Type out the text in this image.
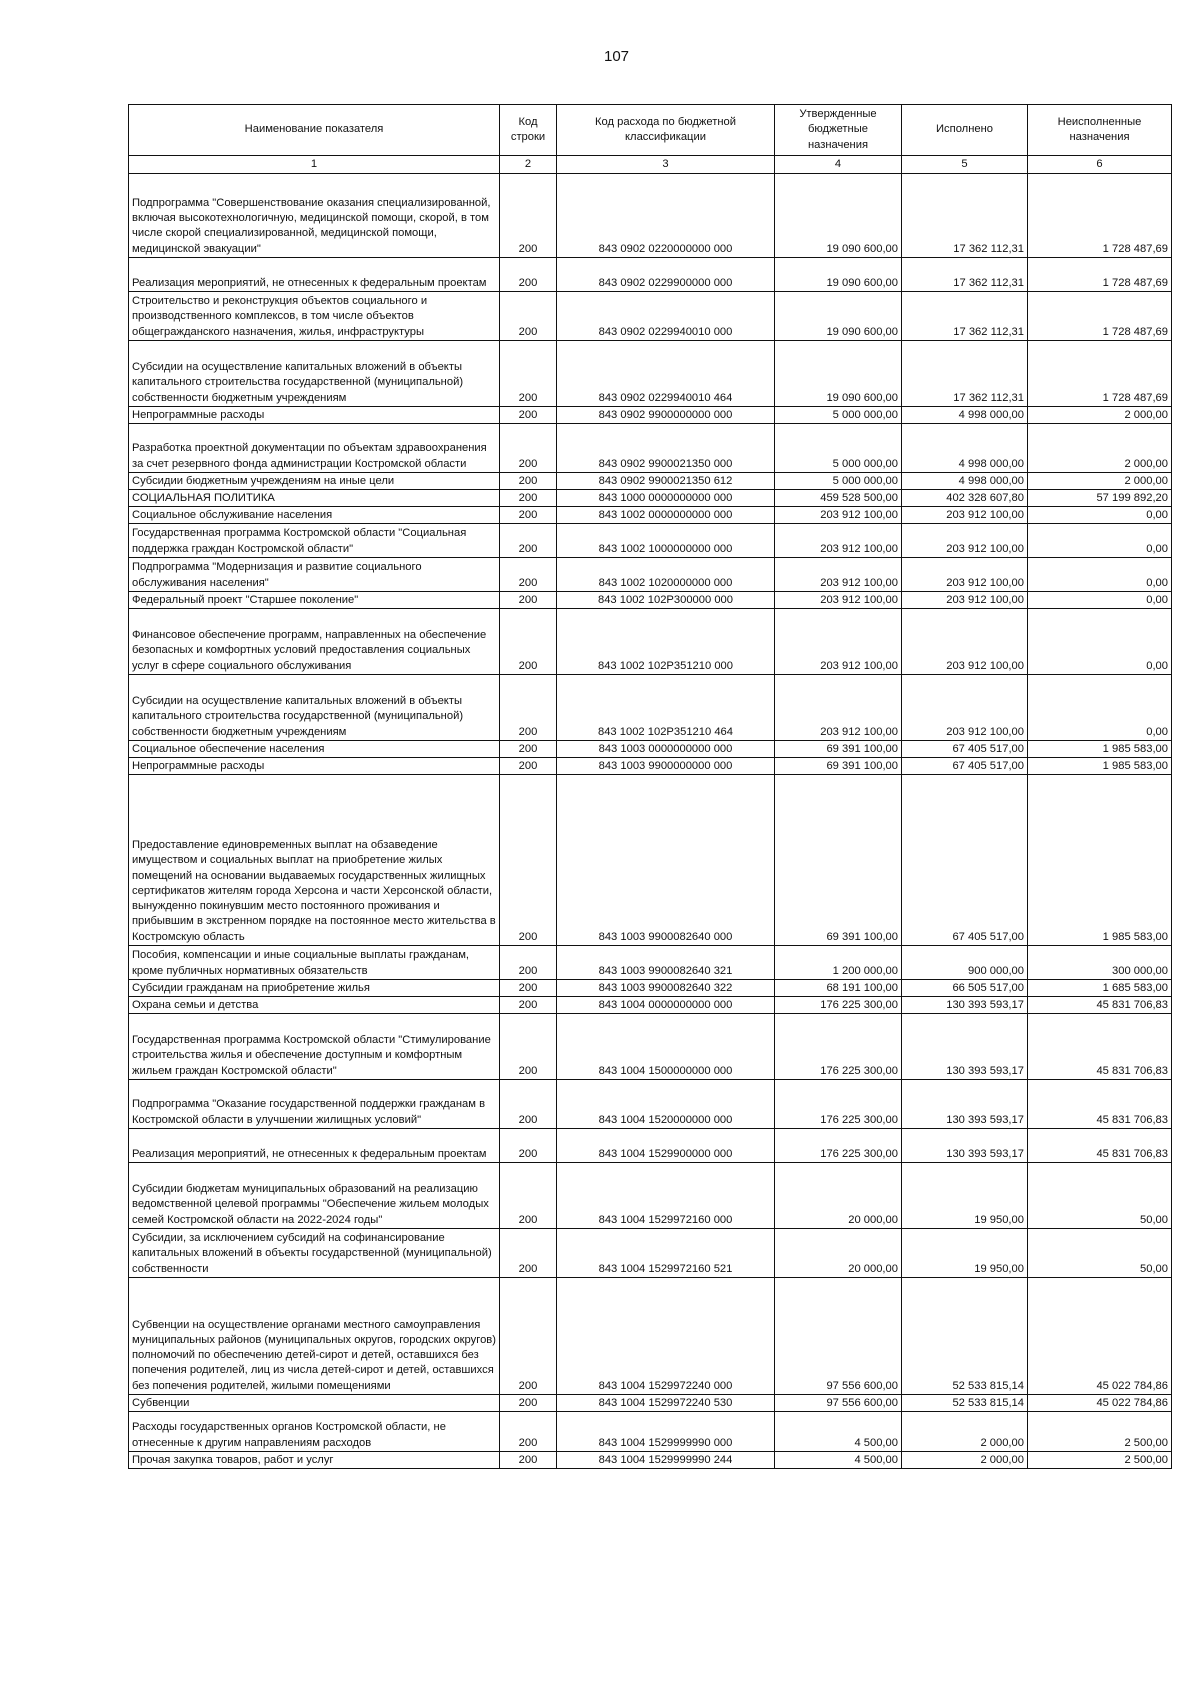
107
Наименование показателя	Код строки	Код расхода по бюджетной классификации	Утвержденные бюджетные назначения	Исполнено	Неисполненные назначения
1	2	3	4	5	6
Подпрограмма "Совершенствование оказания специализированной, включая высокотехнологичную, медицинской помощи, скорой, в том числе скорой специализированной, медицинской помощи, медицинской эвакуации"	200	843 0902 0220000000 000	19 090 600,00	17 362 112,31	1 728 487,69
Реализация мероприятий, не отнесенных к федеральным проектам	200	843 0902 0229900000 000	19 090 600,00	17 362 112,31	1 728 487,69
Строительство и реконструкция объектов социального и производственного комплексов, в том числе объектов общегражданского назначения, жилья, инфраструктуры	200	843 0902 0229940010 000	19 090 600,00	17 362 112,31	1 728 487,69
Субсидии на осуществление капитальных вложений в объекты капитального строительства государственной (муниципальной) собственности бюджетным учреждениям	200	843 0902 0229940010 464	19 090 600,00	17 362 112,31	1 728 487,69
Непрограммные расходы	200	843 0902 9900000000 000	5 000 000,00	4 998 000,00	2 000,00
Разработка проектной документации по объектам здравоохранения за счет резервного фонда администрации Костромской области	200	843 0902 9900021350 000	5 000 000,00	4 998 000,00	2 000,00
Субсидии бюджетным учреждениям на иные цели	200	843 0902 9900021350 612	5 000 000,00	4 998 000,00	2 000,00
СОЦИАЛЬНАЯ ПОЛИТИКА	200	843 1000 0000000000 000	459 528 500,00	402 328 607,80	57 199 892,20
Социальное обслуживание населения	200	843 1002 0000000000 000	203 912 100,00	203 912 100,00	0,00
Государственная программа Костромской области "Социальная поддержка граждан Костромской области"	200	843 1002 1000000000 000	203 912 100,00	203 912 100,00	0,00
Подпрограмма "Модернизация и развитие социального обслуживания населения"	200	843 1002 1020000000 000	203 912 100,00	203 912 100,00	0,00
Федеральный проект "Старшее поколение"	200	843 1002 102Р300000 000	203 912 100,00	203 912 100,00	0,00
Финансовое обеспечение программ, направленных на обеспечение безопасных и комфортных условий предоставления социальных услуг в сфере социального обслуживания	200	843 1002 102Р351210 000	203 912 100,00	203 912 100,00	0,00
Субсидии на осуществление капитальных вложений в объекты капитального строительства государственной (муниципальной) собственности бюджетным учреждениям	200	843 1002 102Р351210 464	203 912 100,00	203 912 100,00	0,00
Социальное обеспечение населения	200	843 1003 0000000000 000	69 391 100,00	67 405 517,00	1 985 583,00
Непрограммные расходы	200	843 1003 9900000000 000	69 391 100,00	67 405 517,00	1 985 583,00
Предоставление единовременных выплат на обзаведение имуществом и социальных выплат на приобретение жилых помещений на основании выдаваемых государственных жилищных сертификатов жителям города Херсона и части Херсонской области, вынужденно покинувшим место постоянного проживания и прибывшим в экстренном порядке на постоянное место жительства в Костромскую область	200	843 1003 9900082640 000	69 391 100,00	67 405 517,00	1 985 583,00
Пособия, компенсации и иные социальные выплаты гражданам, кроме публичных нормативных обязательств	200	843 1003 9900082640 321	1 200 000,00	900 000,00	300 000,00
Субсидии гражданам на приобретение жилья	200	843 1003 9900082640 322	68 191 100,00	66 505 517,00	1 685 583,00
Охрана семьи и детства	200	843 1004 0000000000 000	176 225 300,00	130 393 593,17	45 831 706,83
Государственная программа Костромской области "Стимулирование строительства жилья и обеспечение доступным и комфортным жильем граждан Костромской области"	200	843 1004 1500000000 000	176 225 300,00	130 393 593,17	45 831 706,83
Подпрограмма "Оказание государственной поддержки гражданам в Костромской области в улучшении жилищных условий"	200	843 1004 1520000000 000	176 225 300,00	130 393 593,17	45 831 706,83
Реализация мероприятий, не отнесенных к федеральным проектам	200	843 1004 1529900000 000	176 225 300,00	130 393 593,17	45 831 706,83
Субсидии бюджетам муниципальных образований на реализацию ведомственной целевой программы "Обеспечение жильем молодых семей Костромской области на 2022-2024 годы"	200	843 1004 1529972160 000	20 000,00	19 950,00	50,00
Субсидии, за исключением субсидий на софинансирование капитальных вложений в объекты государственной (муниципальной) собственности	200	843 1004 1529972160 521	20 000,00	19 950,00	50,00
Субвенции на осуществление органами местного самоуправления муниципальных районов (муниципальных округов, городских округов) полномочий по обеспечению детей-сирот и детей, оставшихся без попечения родителей, лиц из числа детей-сирот и детей, оставшихся без попечения родителей, жилыми помещениями	200	843 1004 1529972240 000	97 556 600,00	52 533 815,14	45 022 784,86
Субвенции	200	843 1004 1529972240 530	97 556 600,00	52 533 815,14	45 022 784,86
Расходы государственных органов Костромской области, не отнесенные к другим направлениям расходов	200	843 1004 1529999990 000	4 500,00	2 000,00	2 500,00
Прочая закупка товаров, работ и услуг	200	843 1004 1529999990 244	4 500,00	2 000,00	2 500,00
